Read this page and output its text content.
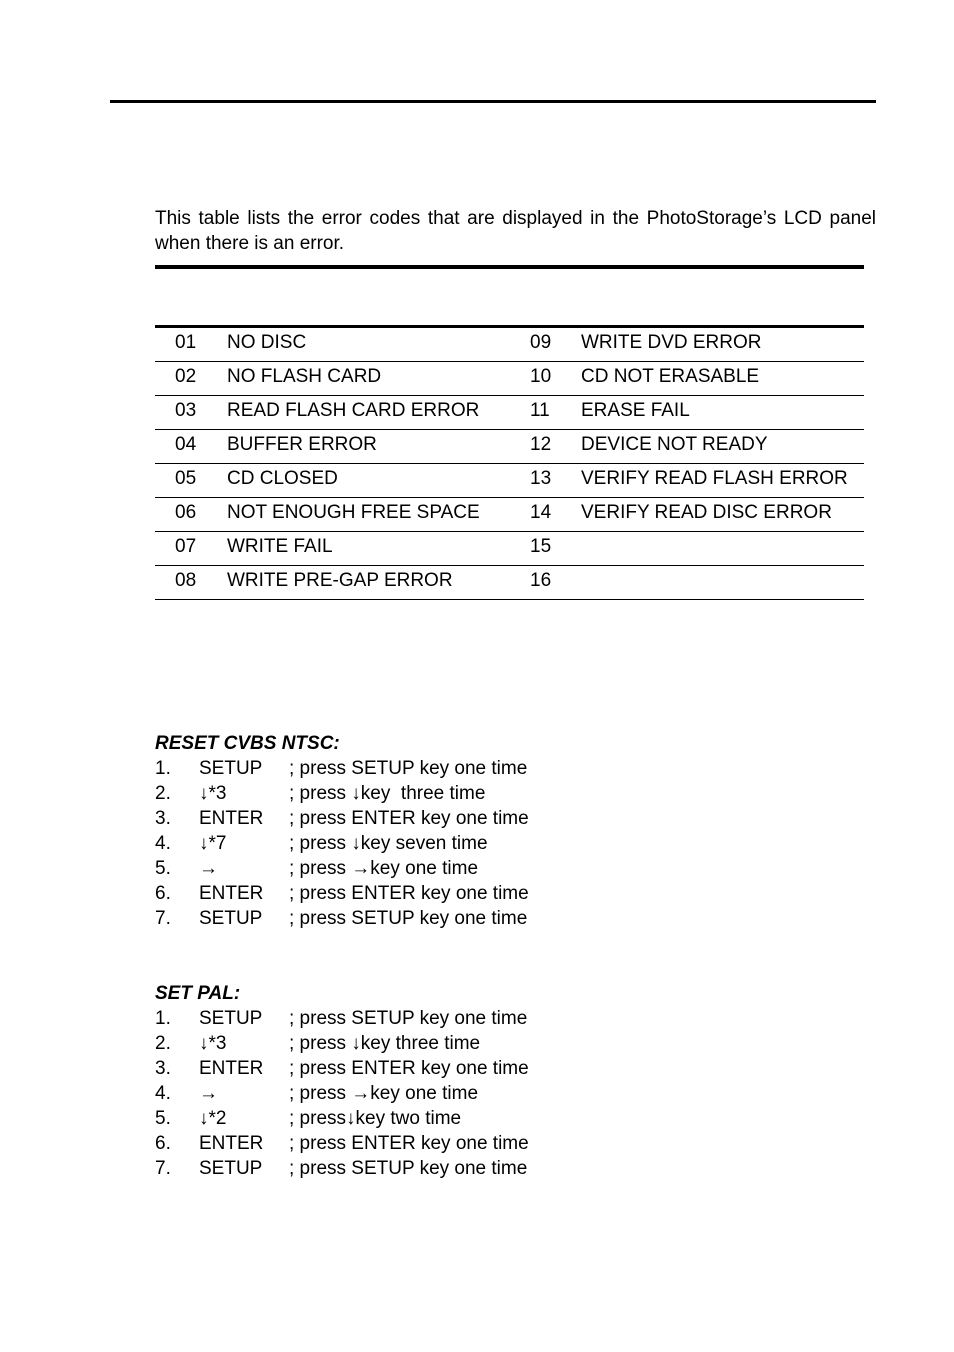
This table lists the error codes that are displayed in the PhotoStorage’s LCD panel when there is an error.

01	NO DISC	09	WRITE DVD ERROR
02	NO FLASH CARD	10	CD NOT ERASABLE
03	READ FLASH CARD ERROR	11	ERASE FAIL
04	BUFFER ERROR	12	DEVICE NOT READY
05	CD CLOSED	13	VERIFY READ FLASH ERROR
06	NOT ENOUGH FREE SPACE	14	VERIFY READ DISC ERROR
07	WRITE FAIL	15	
08	WRITE PRE-GAP ERROR	16	
RESET CVBS NTSC:
1.	SETUP	; press SETUP key one time
2.	↓*3	; press ↓key  three time
3.	ENTER	; press ENTER key one time
4.	↓*7	; press ↓key seven time
5.	→	; press →key one time
6.	ENTER	; press ENTER key one time
7.	SETUP	; press SETUP key one time
SET PAL:
1.	SETUP	; press SETUP key one time
2.	↓*3	; press ↓key three time
3.	ENTER	; press ENTER key one time
4.	→	; press →key one time
5.	↓*2	; press↓key two time
6.	ENTER	; press ENTER key one time
7.	SETUP	; press SETUP key one time
